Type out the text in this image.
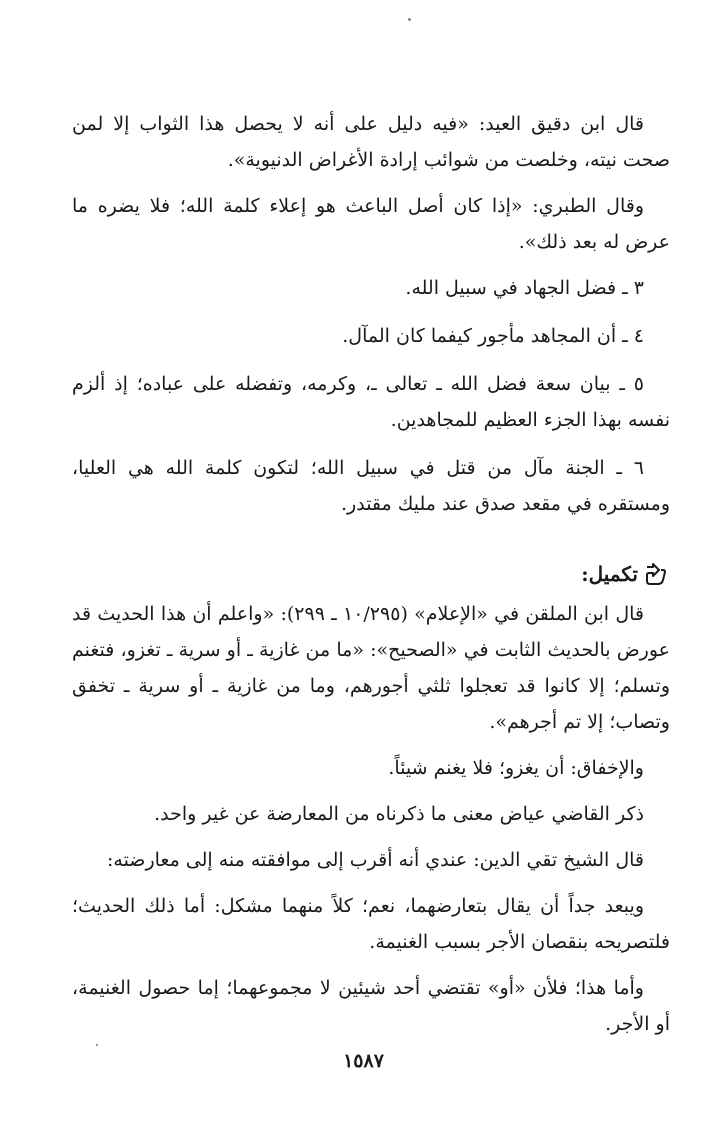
قال ابن دقيق العيد: «فيه دليل على أنه لا يحصل هذا الثواب إلا لمن صحت نيته، وخلصت من شوائب إرادة الأغراض الدنيوية».

وقال الطبري: «إذا كان أصل الباعث هو إعلاء كلمة الله؛ فلا يضره ما عرض له بعد ذلك».

٣ ـ فضل الجهاد في سبيل الله.

٤ ـ أن المجاهد مأجور كيفما كان المآل.

٥ ـ بيان سعة فضل الله ـ تعالى ـ، وكرمه، وتفضله على عباده؛ إذ ألزم نفسه بهذا الجزء العظيم للمجاهدين.

٦ ـ الجنة مآل من قتل في سبيل الله؛ لتكون كلمة الله هي العليا، ومستقره في مقعد صدق عند مليك مقتدر.

تكميل:

قال ابن الملقن في «الإعلام» (١٠/٢٩٥ ـ ٢٩٩): «واعلم أن هذا الحديث قد عورض بالحديث الثابت في «الصحيح»: «ما من غازية ـ أو سرية ـ تغزو، فتغنم وتسلم؛ إلا كانوا قد تعجلوا ثلثي أجورهم، وما من غازية ـ أو سرية ـ تخفق وتصاب؛ إلا تم أجرهم».

والإخفاق: أن يغزو؛ فلا يغنم شيئاً.

ذكر القاضي عياض معنى ما ذكرناه من المعارضة عن غير واحد.

قال الشيخ تقي الدين: عندي أنه أقرب إلى موافقته منه إلى معارضته:

ويبعد جداً أن يقال بتعارضهما، نعم؛ كلاً منهما مشكل: أما ذلك الحديث؛ فلتصريحه بنقصان الأجر بسبب الغنيمة.

وأما هذا؛ فلأن «أو» تقتضي أحد شيئين لا مجموعهما؛ إما حصول الغنيمة، أو الأجر.

١٥٨٧
